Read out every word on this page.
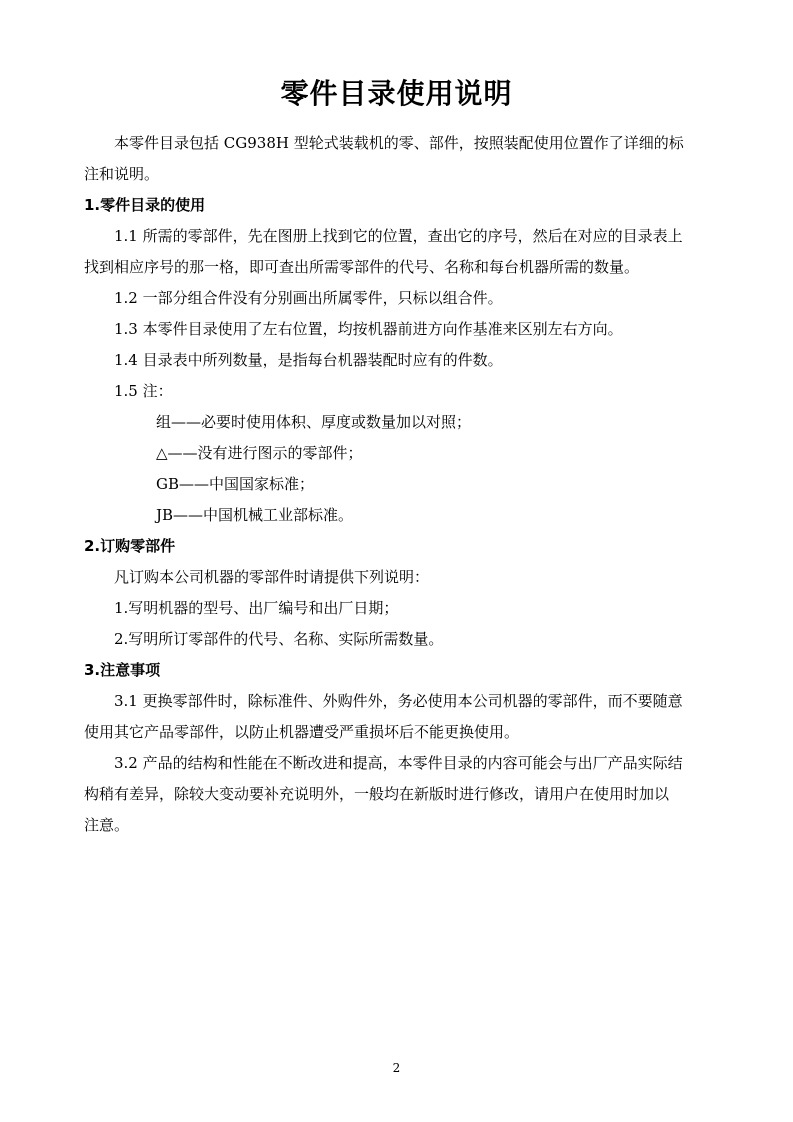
零件目录使用说明
本零件目录包括 CG938H 型轮式装载机的零、部件，按照装配使用位置作了详细的标
注和说明。
1.零件目录的使用
1.1 所需的零部件，先在图册上找到它的位置，查出它的序号，然后在对应的目录表上
找到相应序号的那一格，即可查出所需零部件的代号、名称和每台机器所需的数量。
1.2 一部分组合件没有分别画出所属零件，只标以组合件。
1.3 本零件目录使用了左右位置，均按机器前进方向作基准来区别左右方向。
1.4 目录表中所列数量，是指每台机器装配时应有的件数。
1.5 注：
组——必要时使用体积、厚度或数量加以对照；
△——没有进行图示的零部件；
GB——中国国家标准；
JB——中国机械工业部标准。
2.订购零部件
凡订购本公司机器的零部件时请提供下列说明：
1.写明机器的型号、出厂编号和出厂日期；
2.写明所订零部件的代号、名称、实际所需数量。
3.注意事项
3.1 更换零部件时，除标准件、外购件外，务必使用本公司机器的零部件，而不要随意
使用其它产品零部件，以防止机器遭受严重损坏后不能更换使用。
3.2 产品的结构和性能在不断改进和提高，本零件目录的内容可能会与出厂产品实际结
构稍有差异，除较大变动要补充说明外，一般均在新版时进行修改，请用户在使用时加以
注意。
2
